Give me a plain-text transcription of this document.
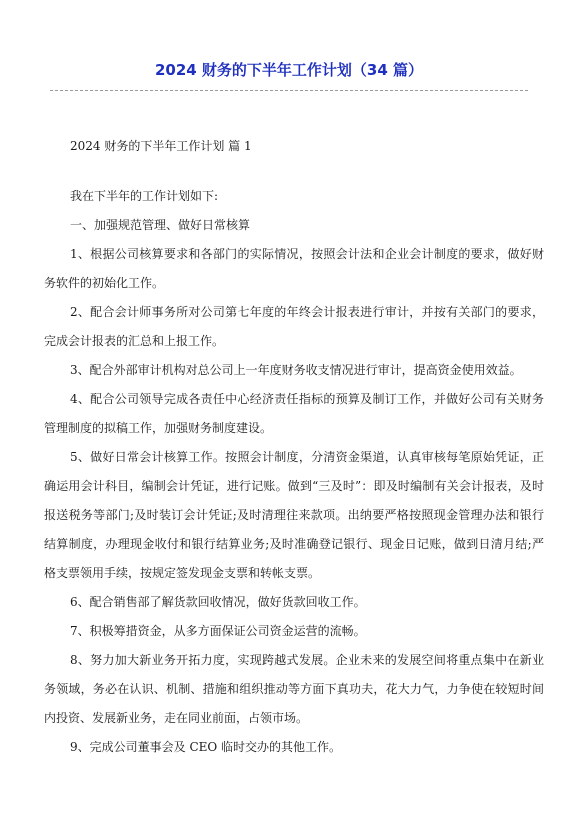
2024 财务的下半年工作计划（34 篇）

2024 财务的下半年工作计划 篇 1

我在下半年的工作计划如下:

一、加强规范管理、做好日常核算

1、根据公司核算要求和各部门的实际情况，按照会计法和企业会计制度的要求，做好财务软件的初始化工作。

2、配合会计师事务所对公司第七年度的年终会计报表进行审计，并按有关部门的要求，完成会计报表的汇总和上报工作。

3、配合外部审计机构对总公司上一年度财务收支情况进行审计，提高资金使用效益。

4、配合公司领导完成各责任中心经济责任指标的预算及制订工作，并做好公司有关财务管理制度的拟稿工作，加强财务制度建设。

5、做好日常会计核算工作。按照会计制度，分清资金渠道，认真审核每笔原始凭证，正确运用会计科目，编制会计凭证，进行记账。做到“三及时”：即及时编制有关会计报表，及时报送税务等部门;及时装订会计凭证;及时清理往来款项。出纳要严格按照现金管理办法和银行结算制度，办理现金收付和银行结算业务;及时准确登记银行、现金日记账，做到日清月结;严格支票领用手续，按规定签发现金支票和转帐支票。

6、配合销售部了解货款回收情况，做好货款回收工作。

7、积极筹措资金，从多方面保证公司资金运营的流畅。

8、努力加大新业务开拓力度，实现跨越式发展。企业未来的发展空间将重点集中在新业务领域，务必在认识、机制、措施和组织推动等方面下真功夫，花大力气，力争使在较短时间内投资、发展新业务，走在同业前面，占领市场。

9、完成公司董事会及 CEO 临时交办的其他工作。
